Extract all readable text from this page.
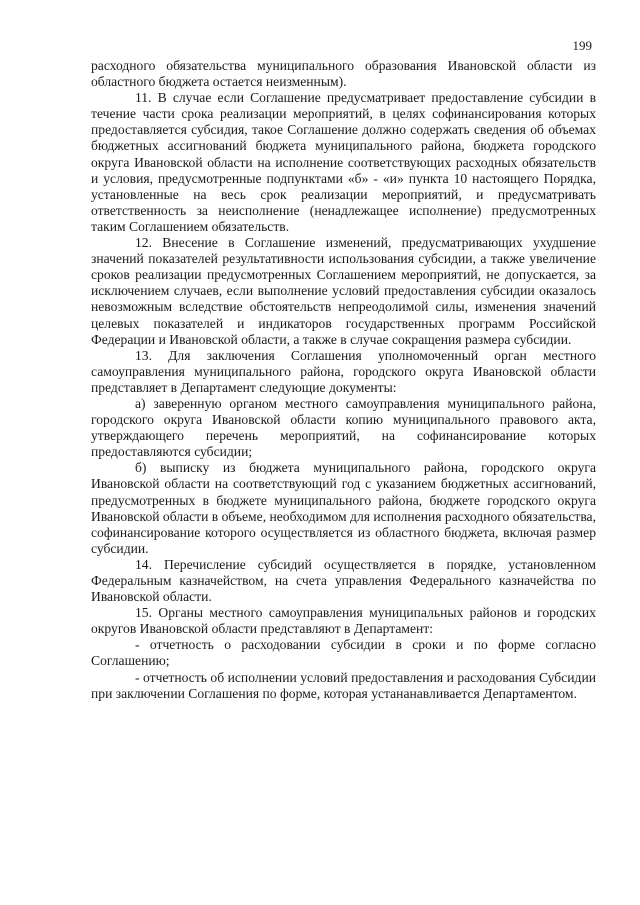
199

расходного обязательства муниципального образования Ивановской области из областного бюджета остается неизменным).

11. В случае если Соглашение предусматривает предоставление субсидии в течение части срока реализации мероприятий, в целях софинансирования которых предоставляется субсидия, такое Соглашение должно содержать сведения об объемах бюджетных ассигнований бюджета муниципального района, бюджета городского округа Ивановской области на исполнение соответствующих расходных обязательств и условия, предусмотренные подпунктами «б» - «и» пункта 10 настоящего Порядка, установленные на весь срок реализации мероприятий, и предусматривать ответственность за неисполнение (ненадлежащее исполнение) предусмотренных таким Соглашением обязательств.

12. Внесение в Соглашение изменений, предусматривающих ухудшение значений показателей результативности использования субсидии, а также увеличение сроков реализации предусмотренных Соглашением мероприятий, не допускается, за исключением случаев, если выполнение условий предоставления субсидии оказалось невозможным вследствие обстоятельств непреодолимой силы, изменения значений целевых показателей и индикаторов государственных программ Российской Федерации и Ивановской области, а также в случае сокращения размера субсидии.

13. Для заключения Соглашения уполномоченный орган местного самоуправления муниципального района, городского округа Ивановской области представляет в Департамент следующие документы:

а) заверенную органом местного самоуправления муниципального района, городского округа Ивановской области копию муниципального правового акта, утверждающего перечень мероприятий, на софинансирование которых предоставляются субсидии;

б) выписку из бюджета муниципального района, городского округа Ивановской области на соответствующий год с указанием бюджетных ассигнований, предусмотренных в бюджете муниципального района, бюджете городского округа Ивановской области в объеме, необходимом для исполнения расходного обязательства, софинансирование которого осуществляется из областного бюджета, включая размер субсидии.

14. Перечисление субсидий осуществляется в порядке, установленном Федеральным казначейством, на счета управления Федерального казначейства по Ивановской области.

15. Органы местного самоуправления муниципальных районов и городских округов Ивановской области представляют в Департамент:

- отчетность о расходовании субсидии в сроки и по форме согласно Соглашению;

- отчетность об исполнении условий предоставления и расходования Субсидии при заключении Соглашения по форме, которая устананавливается Департаментом.
